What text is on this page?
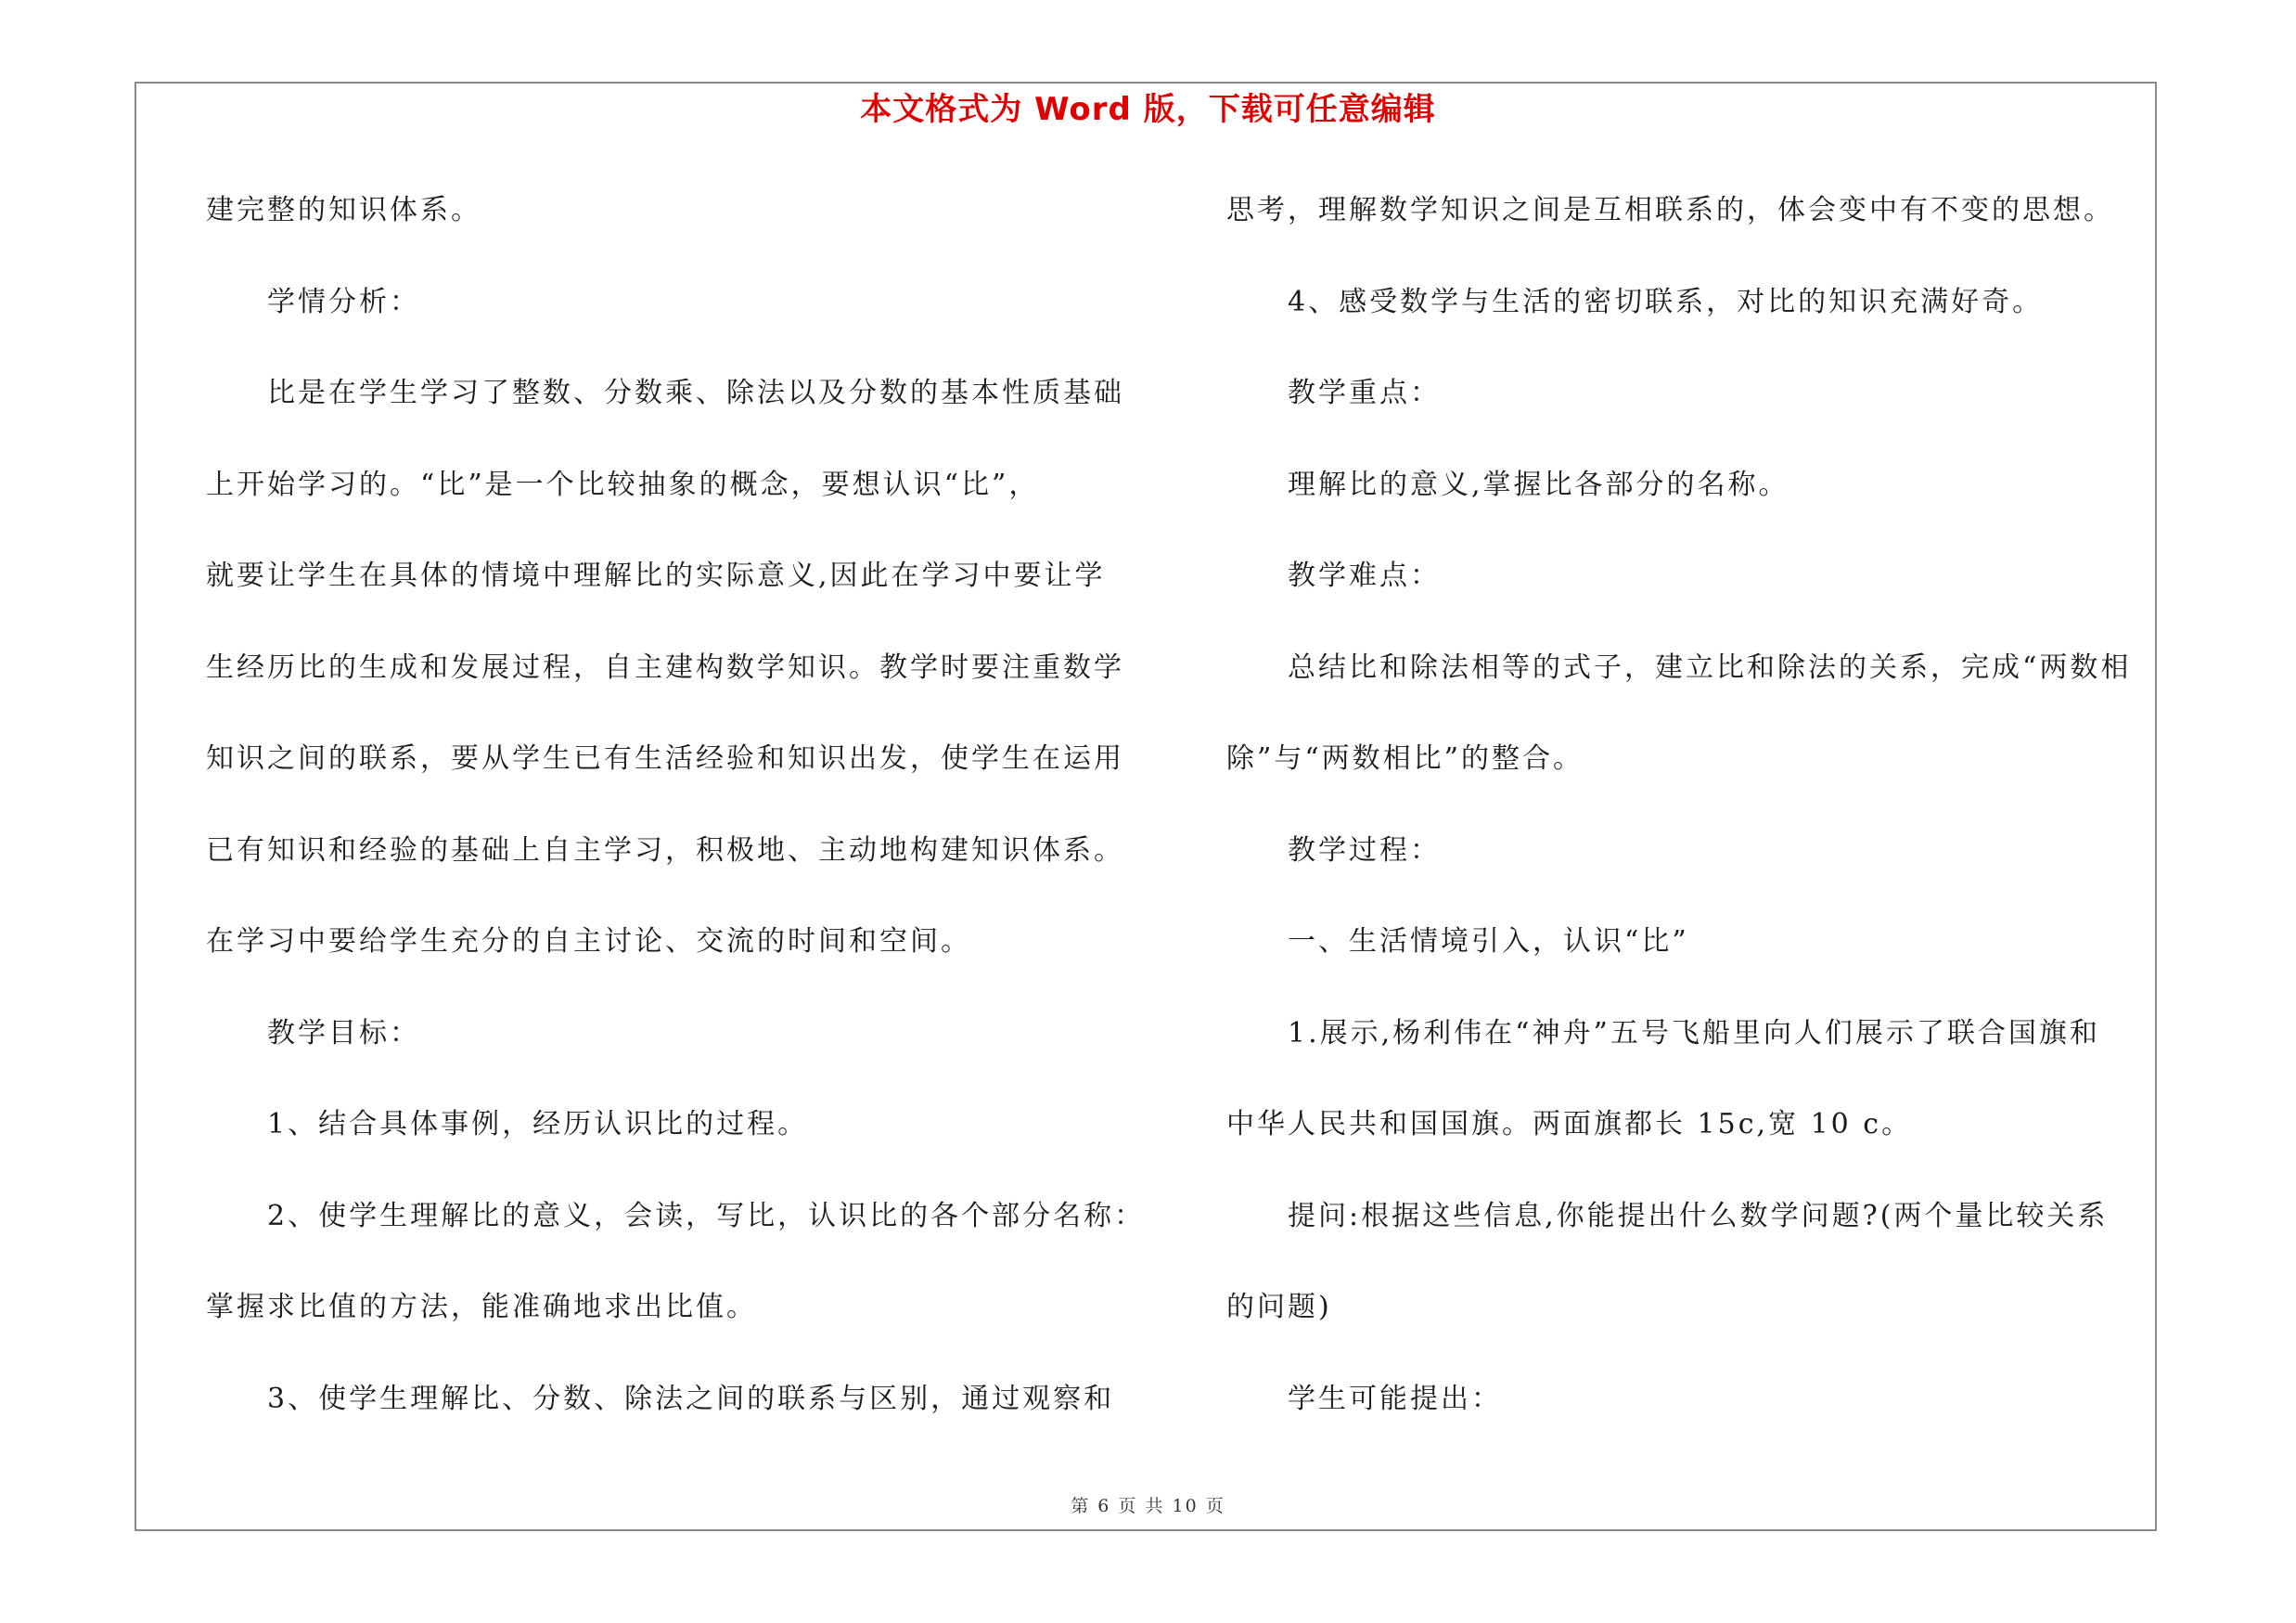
本文格式为 Word 版，下载可任意编辑
建完整的知识体系。
学情分析：
比是在学生学习了整数、分数乘、除法以及分数的基本性质基础
上开始学习的。“比”是一个比较抽象的概念，要想认识“比”，
就要让学生在具体的情境中理解比的实际意义,因此在学习中要让学
生经历比的生成和发展过程，自主建构数学知识。教学时要注重数学
知识之间的联系，要从学生已有生活经验和知识出发，使学生在运用
已有知识和经验的基础上自主学习，积极地、主动地构建知识体系。
在学习中要给学生充分的自主讨论、交流的时间和空间。
教学目标：
1、结合具体事例，经历认识比的过程。
2、使学生理解比的意义，会读，写比，认识比的各个部分名称：
掌握求比值的方法，能准确地求出比值。
3、使学生理解比、分数、除法之间的联系与区别，通过观察和
思考，理解数学知识之间是互相联系的，体会变中有不变的思想。
4、感受数学与生活的密切联系，对比的知识充满好奇。
教学重点：
理解比的意义,掌握比各部分的名称。
教学难点：
总结比和除法相等的式子，建立比和除法的关系，完成“两数相
除”与“两数相比”的整合。
教学过程：
一、生活情境引入，认识“比”
1.展示,杨利伟在“神舟”五号飞船里向人们展示了联合国旗和
中华人民共和国国旗。两面旗都长 15c,宽 10 c。
提问:根据这些信息,你能提出什么数学问题?(两个量比较关系
的问题)
学生可能提出：
第 6 页 共 10 页
